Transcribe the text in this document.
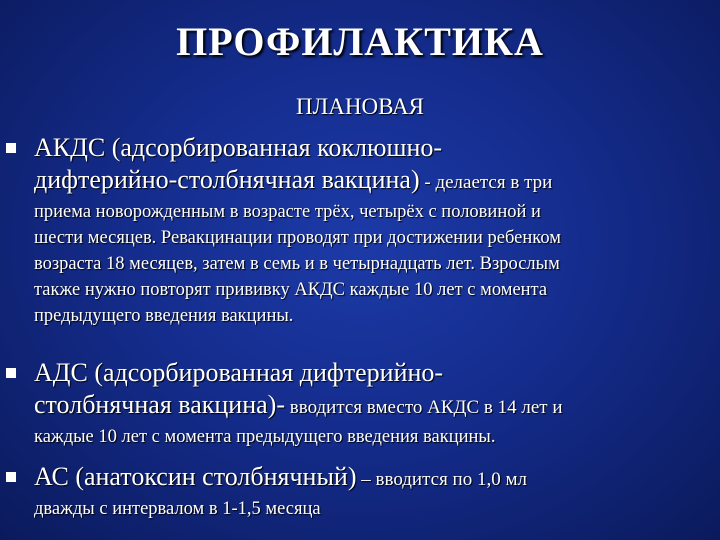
ПРОФИЛАКТИКА
ПЛАНОВАЯ
АКДС (адсорбированная коклюшно-
дифтерийно-столбнячная вакцина) - делается в три
приема новорожденным в возрасте трёх, четырёх с половиной и
шести месяцев. Ревакцинации проводят при достижении ребенком
возраста 18 месяцев, затем в семь и в четырнадцать лет. Взрослым
также нужно повторят прививку АКДС каждые 10 лет с момента
предыдущего введения вакцины.
АДС (адсорбированная дифтерийно-
столбнячная вакцина)- вводится вместо АКДС в 14 лет и
каждые 10 лет с момента предыдущего введения вакцины.
АС (анатоксин столбнячный) – вводится по 1,0 мл
дважды с интервалом в 1-1,5 месяца
